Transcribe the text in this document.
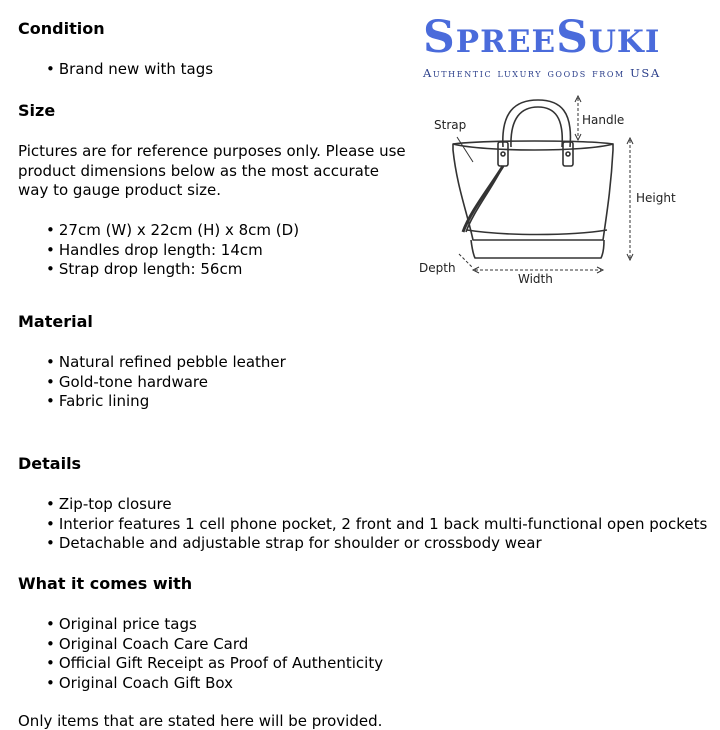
Condition
• Brand new with tags
Size

Pictures are for reference purposes only. Please use product dimensions below as the most accurate way to gauge product size.

• 27cm (W) x 22cm (H) x 8cm (D)
• Handles drop length: 14cm
• Strap drop length: 56cm
Material
• Natural refined pebble leather
• Gold-tone hardware
• Fabric lining
Details
• Zip-top closure
• Interior features 1 cell phone pocket, 2 front and 1 back multi-functional open pockets
• Detachable and adjustable strap for shoulder or crossbody wear
What it comes with
• Original price tags
• Original Coach Care Card
• Official Gift Receipt as Proof of Authenticity
• Original Coach Gift Box
SpreeSuki
Authentic luxury goods from USA
Strap	Handle
Height
Depth
Width
Only items that are stated here will be provided.
